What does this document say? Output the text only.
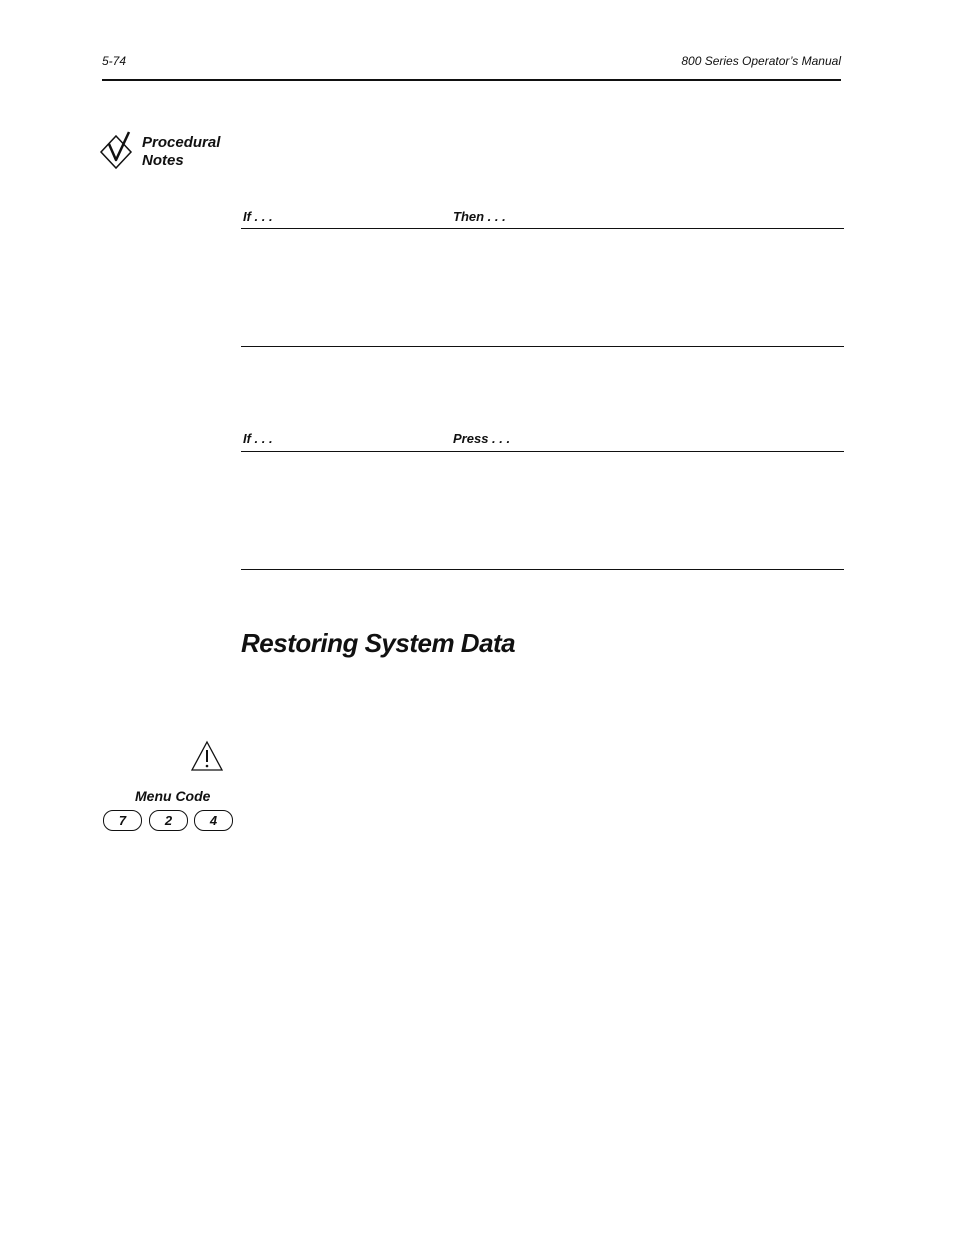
5-74	800 Series Operator’s Manual
Procedural
Notes
If . . .	Then . . .
If . . .	Press . . .
Restoring System Data
Menu Code
7	2	4
